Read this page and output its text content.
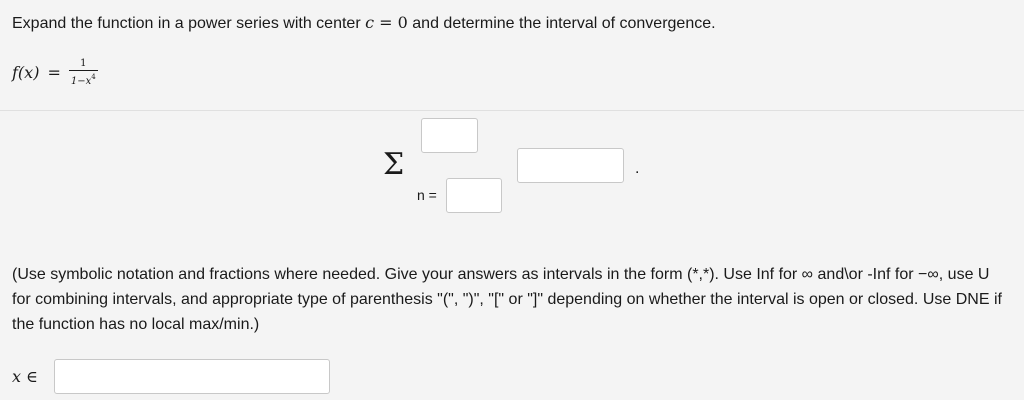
Expand the function in a power series with center c = 0 and determine the interval of convergence.
$f(x) = \frac{1}{1-x^4}$
Σ	.
n =
(Use symbolic notation and fractions where needed. Give your answers as intervals in the form (*,*). Use Inf for ∞ and\or -Inf for −∞, use U for combining intervals, and appropriate type of parenthesis "(", ")", "[" or "]" depending on whether the interval is open or closed. Use DNE if the function has no local max/min.)
x ∈
